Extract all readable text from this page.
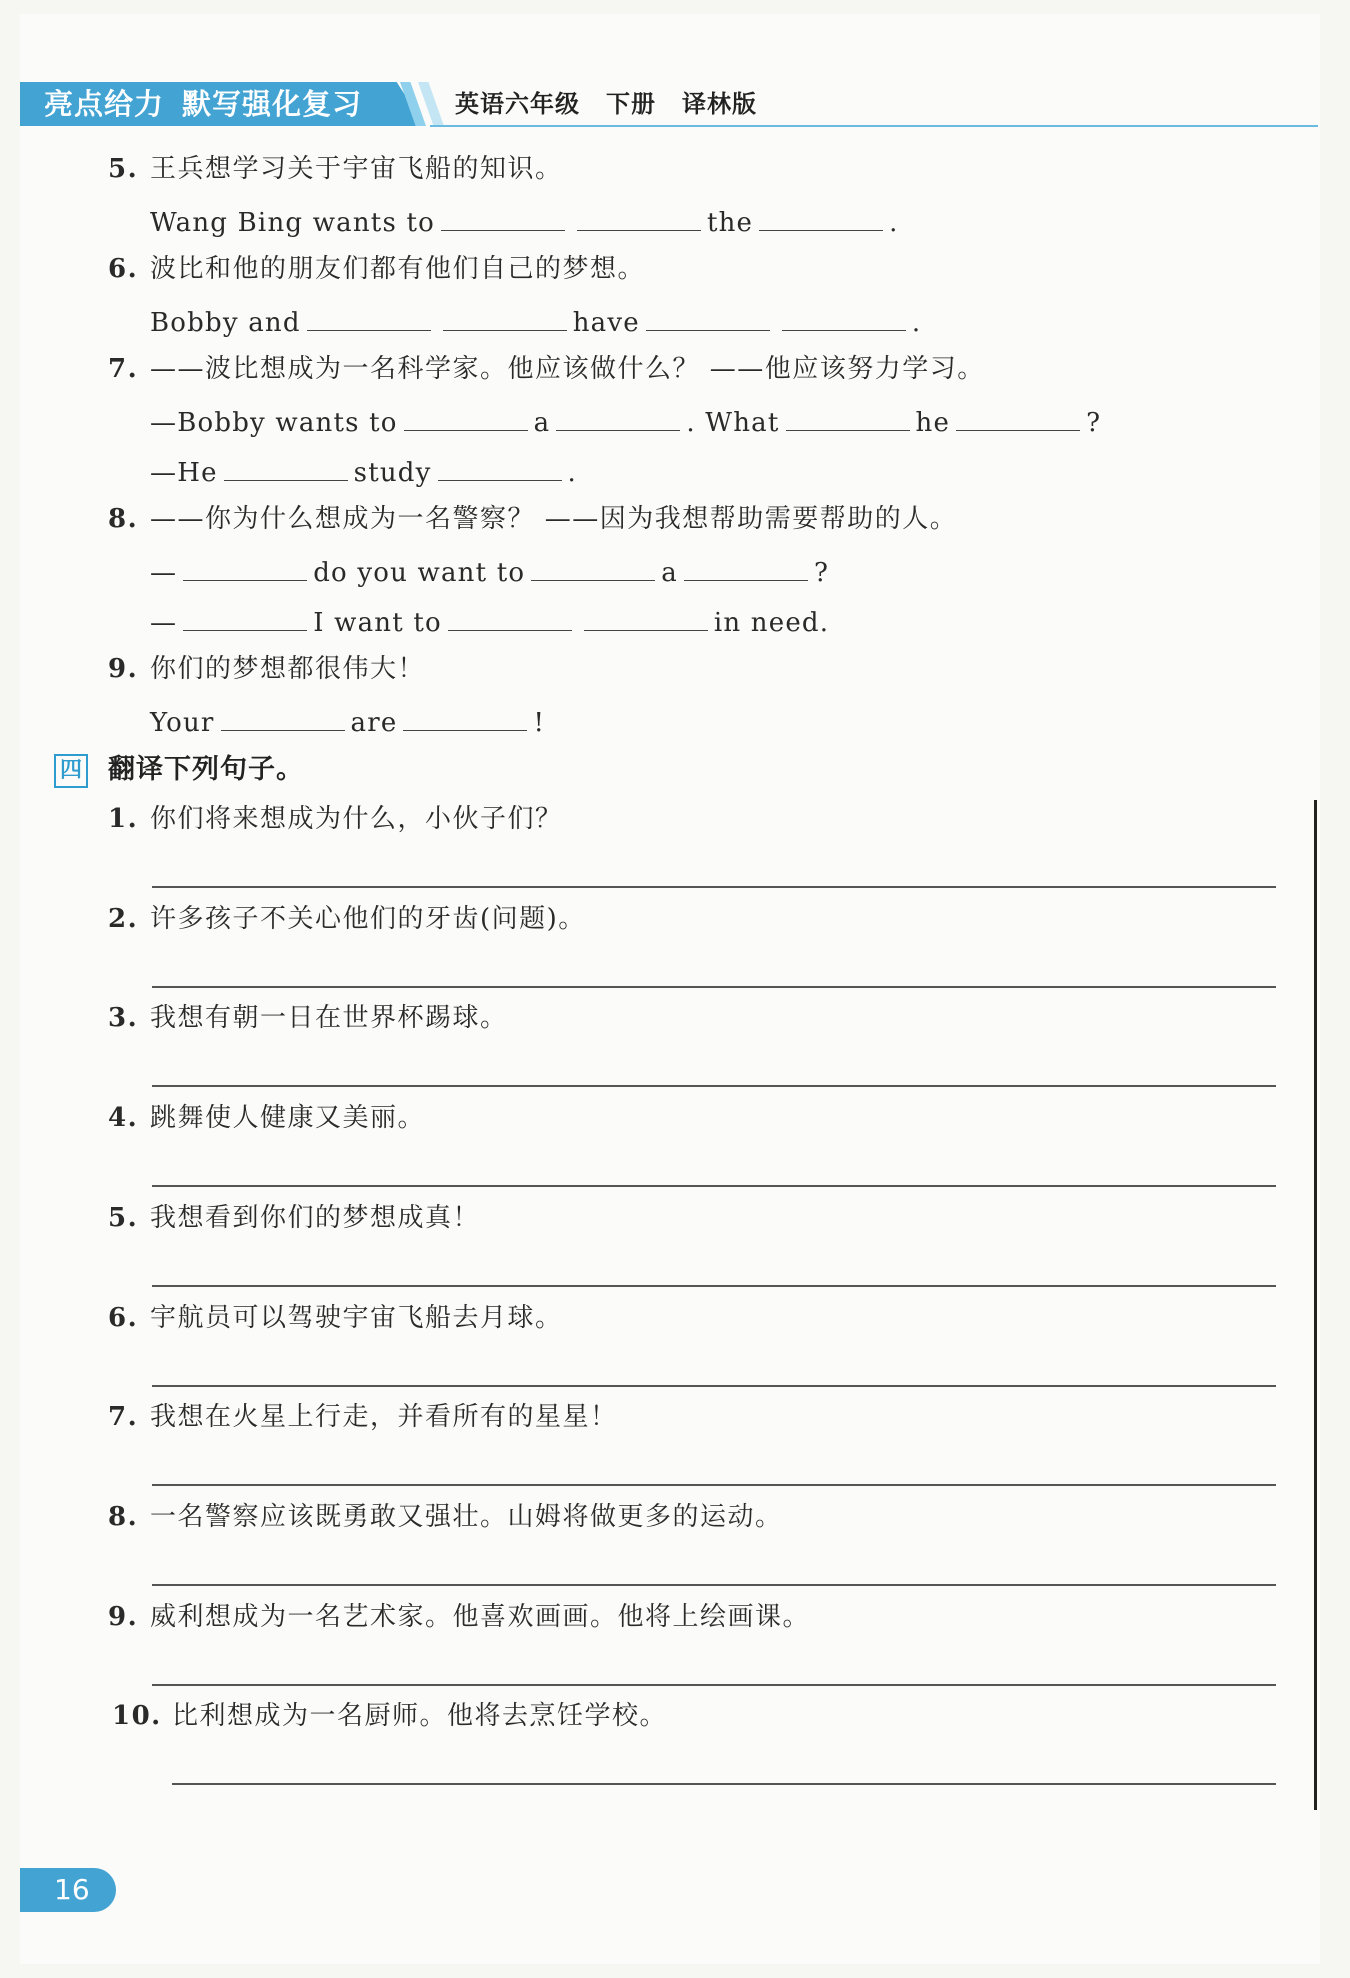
亮点给力 默写强化复习	英语六年级 下册 译林版
5. 王兵想学习关于宇宙飞船的知识。
Wang Bing wants to	the	.
6. 波比和他的朋友们都有他们自己的梦想。
Bobby and	have	.
7. ——波比想成为一名科学家。他应该做什么？ ——他应该努力学习。
—Bobby wants to	a	. What	he	?
—He	study	.
8. ——你为什么想成为一名警察？ ——因为我想帮助需要帮助的人。
—	do you want to	a	?
—	I want to	in need.
9. 你们的梦想都很伟大！
Your	are	!
四 翻译下列句子。
1. 你们将来想成为什么，小伙子们？
2. 许多孩子不关心他们的牙齿(问题)。
3. 我想有朝一日在世界杯踢球。
4. 跳舞使人健康又美丽。
5. 我想看到你们的梦想成真！
6. 宇航员可以驾驶宇宙飞船去月球。
7. 我想在火星上行走，并看所有的星星！
8. 一名警察应该既勇敢又强壮。山姆将做更多的运动。
9. 威利想成为一名艺术家。他喜欢画画。他将上绘画课。
10. 比利想成为一名厨师。他将去烹饪学校。
16
